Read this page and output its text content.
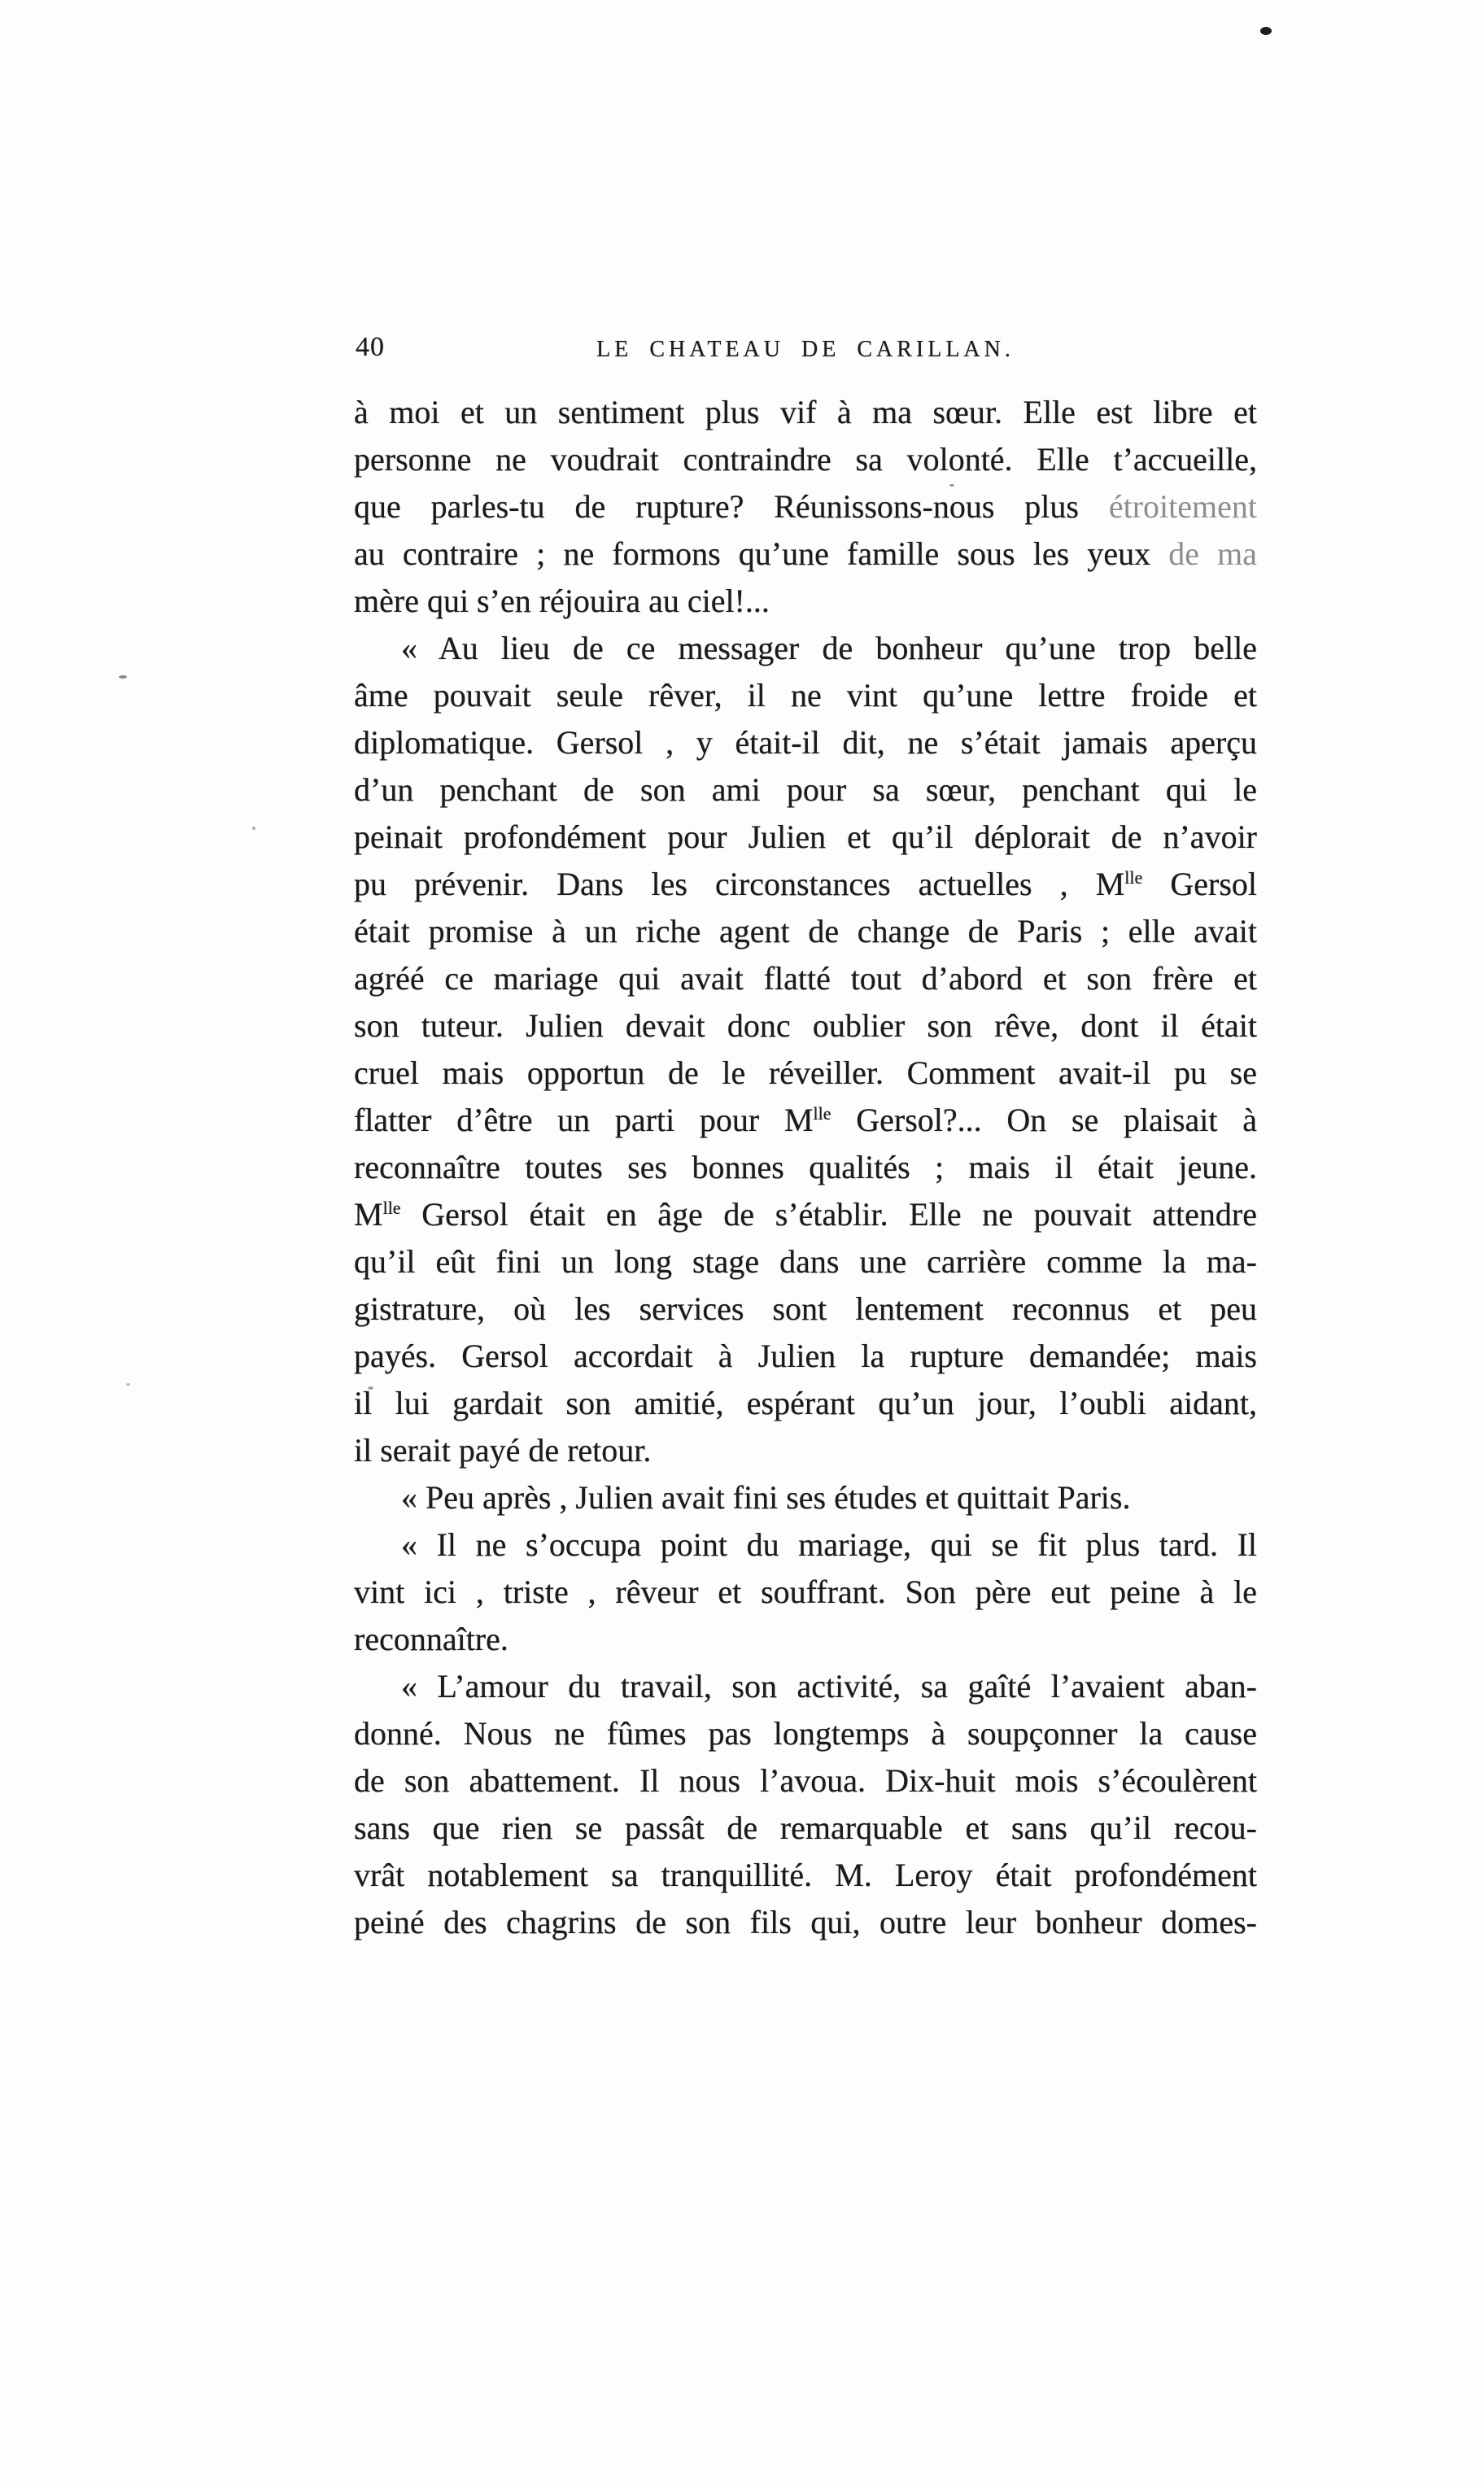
40	LE CHATEAU DE CARILLAN.
à moi et un sentiment plus vif à ma sœur. Elle est libre et
personne ne voudrait contraindre sa volonté. Elle t’accueille,
que parles-tu de rupture? Réunissons-nous plus étroitement
au contraire ; ne formons qu’une famille sous les yeux de ma
mère qui s’en réjouira au ciel!...
« Au lieu de ce messager de bonheur qu’une trop belle
âme pouvait seule rêver, il ne vint qu’une lettre froide et
diplomatique. Gersol , y était-il dit, ne s’était jamais aperçu
d’un penchant de son ami pour sa sœur, penchant qui le
peinait profondément pour Julien et qu’il déplorait de n’avoir
pu prévenir. Dans les circonstances actuelles , $M^{lle}$ Gersol
était promise à un riche agent de change de Paris ; elle avait
agréé ce mariage qui avait flatté tout d’abord et son frère et
son tuteur. Julien devait donc oublier son rêve, dont il était
cruel mais opportun de le réveiller. Comment avait-il pu se
flatter d’être un parti pour $M^{lle}$ Gersol?... On se plaisait à
reconnaître toutes ses bonnes qualités ; mais il était jeune.
$M^{lle}$ Gersol était en âge de s’établir. Elle ne pouvait attendre
qu’il eût fini un long stage dans une carrière comme la ma-
gistrature, où les services sont lentement reconnus et peu
payés. Gersol accordait à Julien la rupture demandée; mais
il lui gardait son amitié, espérant qu’un jour, l’oubli aidant,
il serait payé de retour.
« Peu après , Julien avait fini ses études et quittait Paris.
« Il ne s’occupa point du mariage, qui se fit plus tard. Il
vint ici , triste , rêveur et souffrant. Son père eut peine à le
reconnaître.
« L’amour du travail, son activité, sa gaîté l’avaient aban-
donné. Nous ne fûmes pas longtemps à soupçonner la cause
de son abattement. Il nous l’avoua. Dix-huit mois s’écoulèrent
sans que rien se passât de remarquable et sans qu’il recou-
vrât notablement sa tranquillité. M. Leroy était profondément
peiné des chagrins de son fils qui, outre leur bonheur domes-
